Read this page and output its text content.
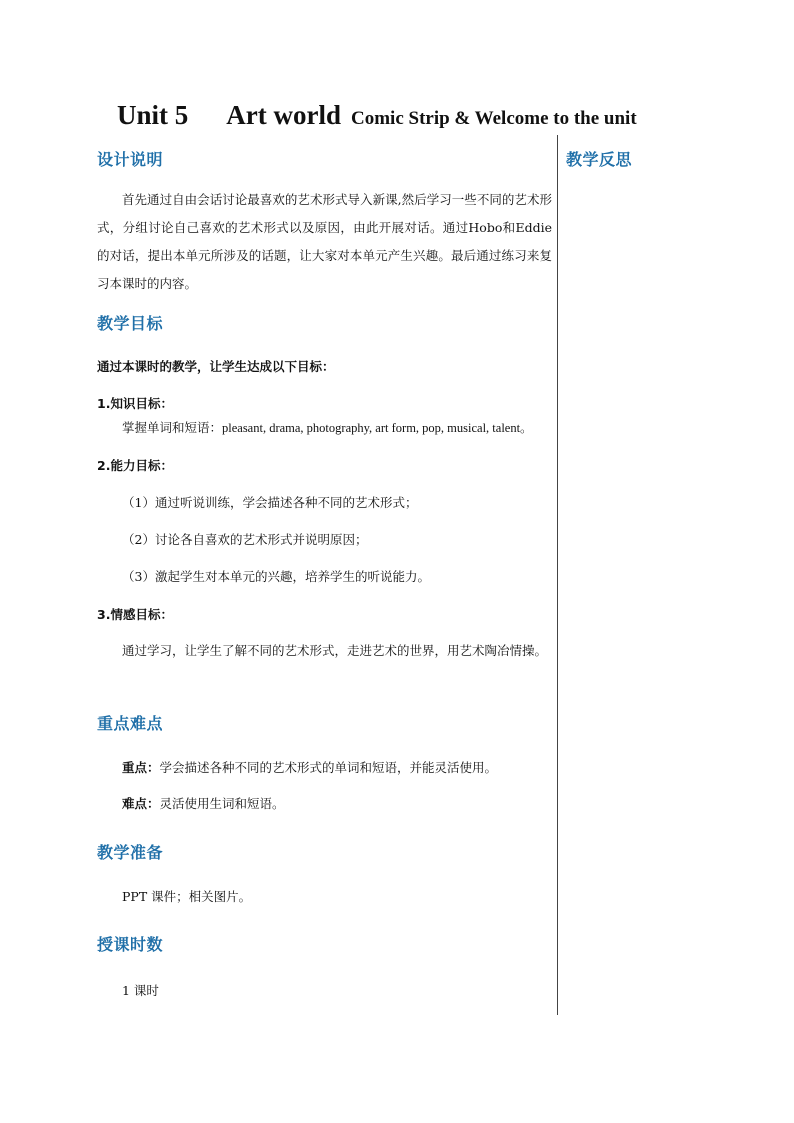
Unit 5 Art world Comic Strip & Welcome to the unit
设计说明
首先通过自由会话讨论最喜欢的艺术形式导入新课,然后学习一些不同的艺术形式，分组讨论自己喜欢的艺术形式以及原因，由此开展对话。通过Hobo和Eddie的对话，提出本单元所涉及的话题，让大家对本单元产生兴趣。最后通过练习来复习本课时的内容。
教学目标
通过本课时的教学，让学生达成以下目标：
1.知识目标：
掌握单词和短语：pleasant, drama, photography, art form, pop, musical, talent。
2.能力目标：
（1）通过听说训练，学会描述各种不同的艺术形式；
（2）讨论各自喜欢的艺术形式并说明原因；
（3）激起学生对本单元的兴趣，培养学生的听说能力。
3.情感目标：
通过学习，让学生了解不同的艺术形式，走进艺术的世界，用艺术陶冶情操。
重点难点
重点：学会描述各种不同的艺术形式的单词和短语，并能灵活使用。
难点：灵活使用生词和短语。
教学准备
PPT 课件；相关图片。
授课时数
1 课时
教学反思
